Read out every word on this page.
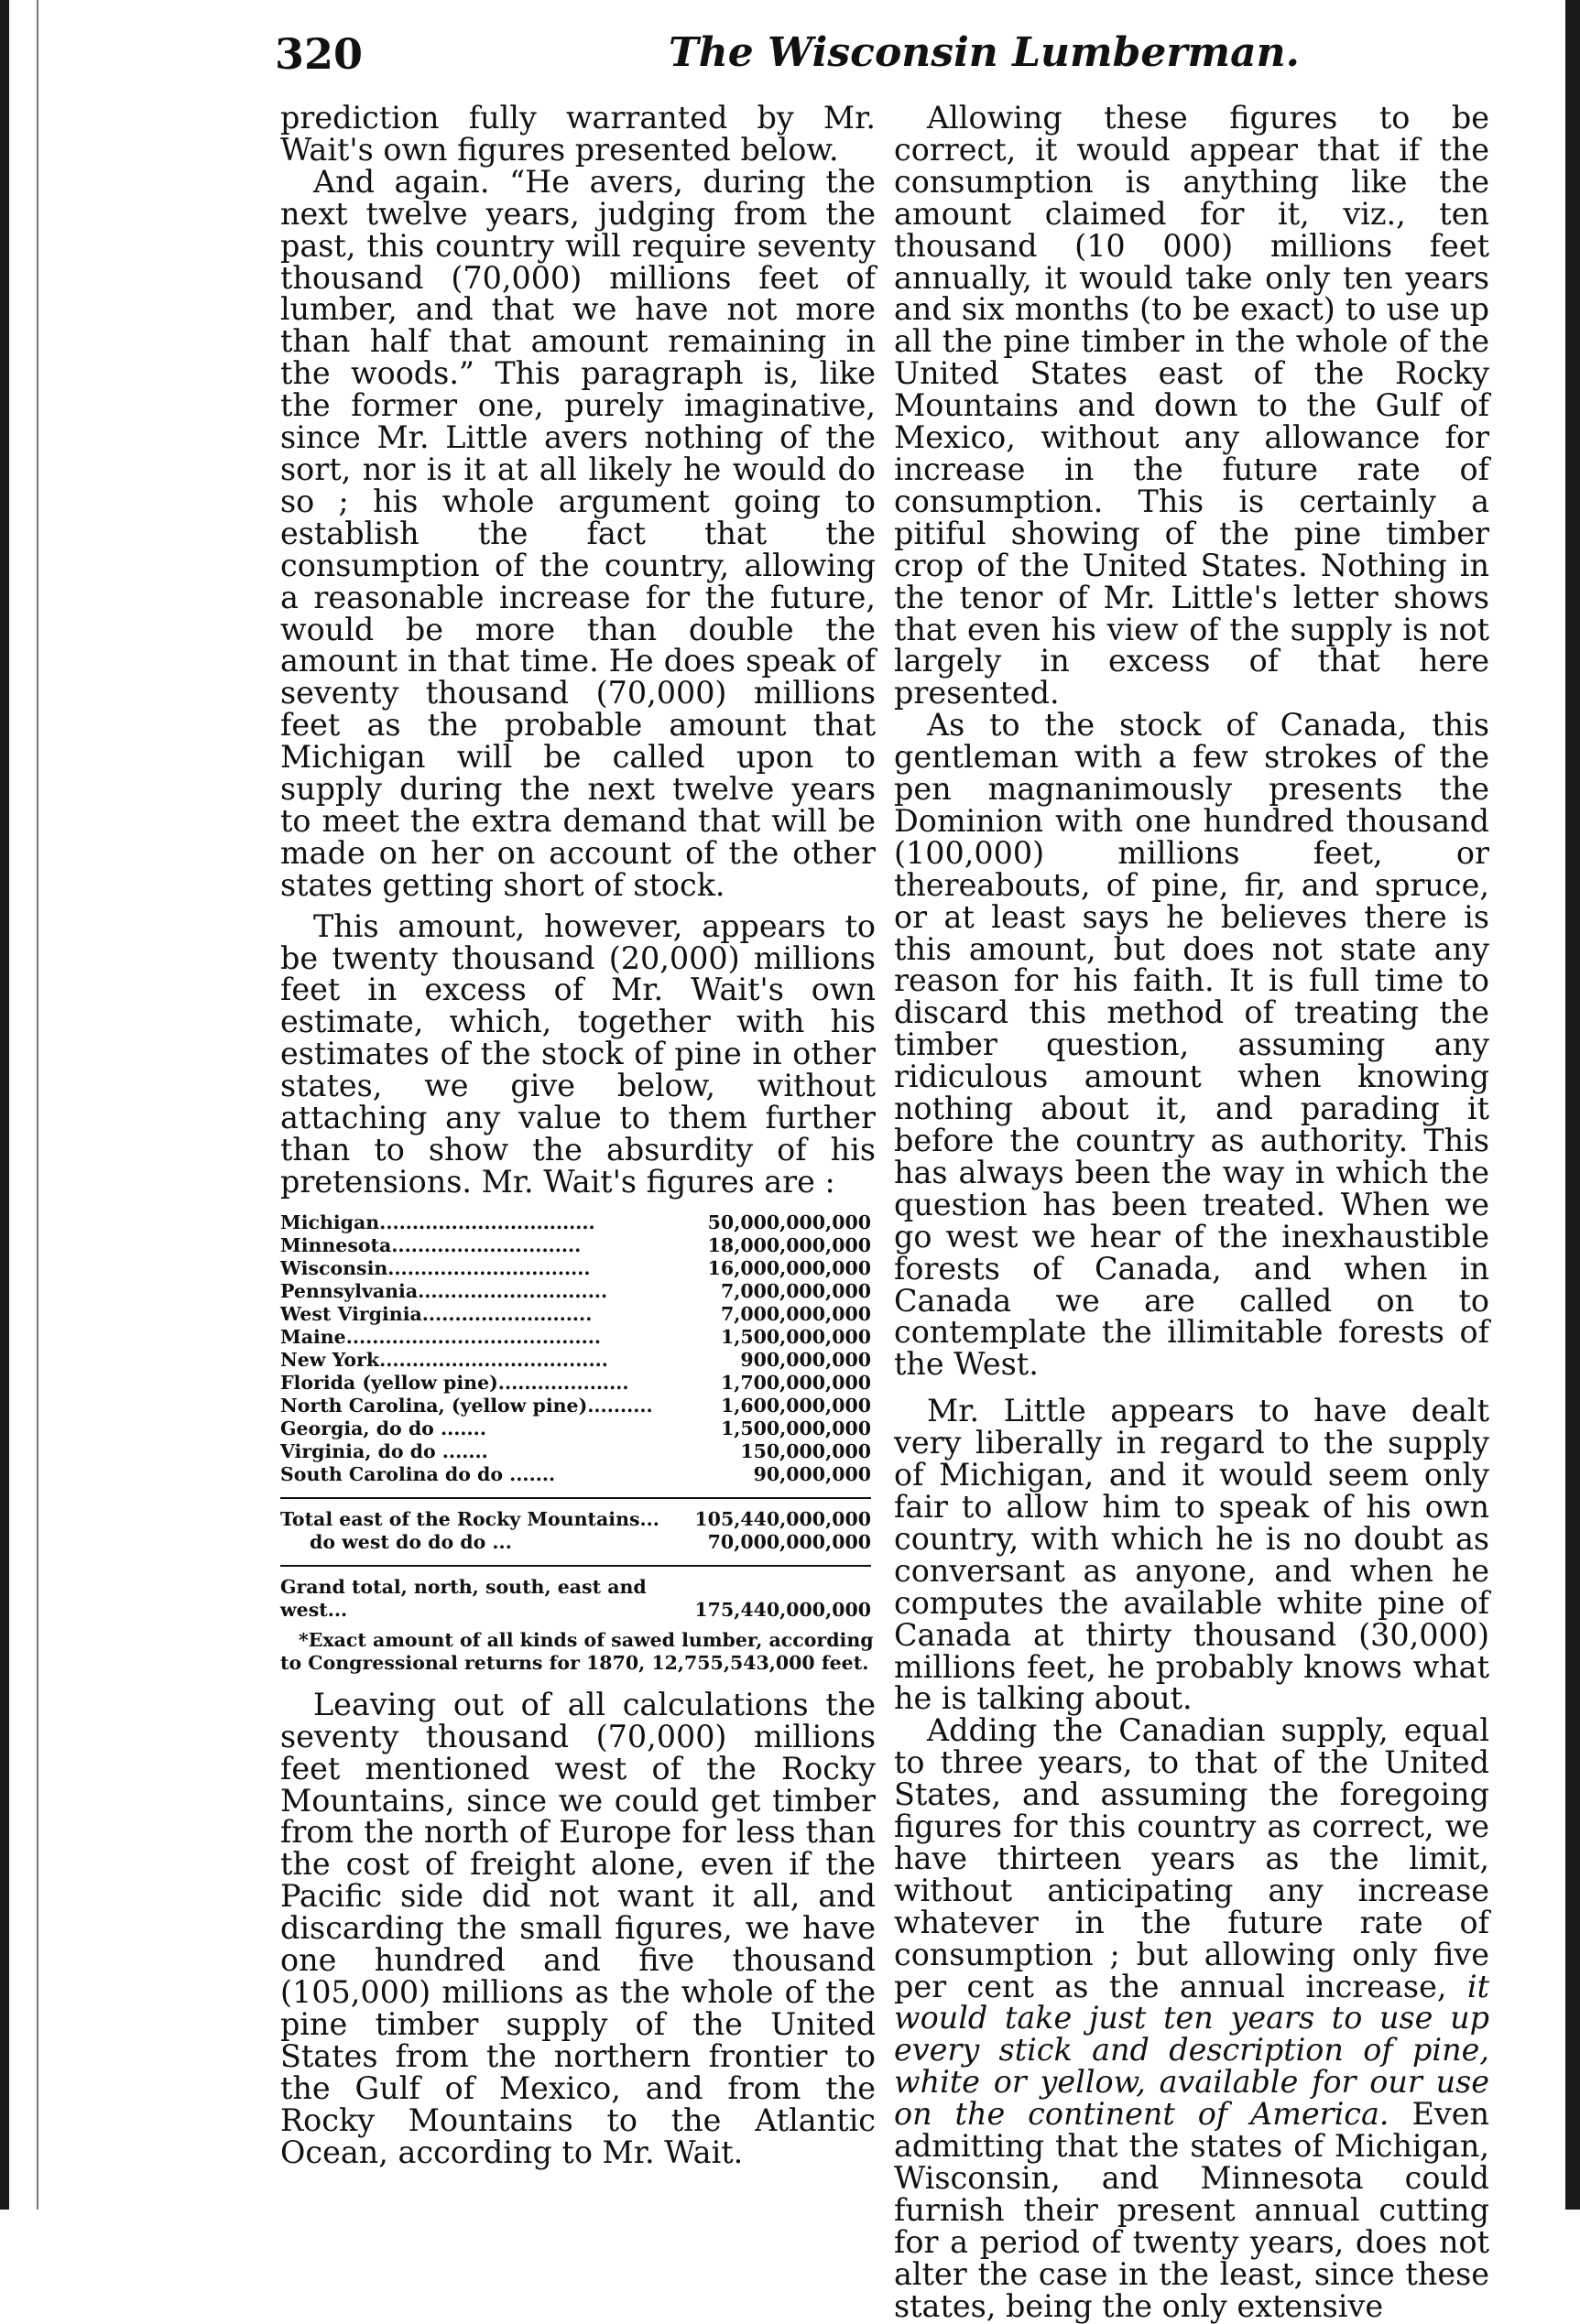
320	The Wisconsin Lumberman.

prediction fully warranted by Mr. Wait's own figures presented below.

And again. “He avers, during the next twelve years, judging from the past, this country will require seventy thousand (70,000) millions feet of lumber, and that we have not more than half that amount remaining in the woods.” This paragraph is, like the former one, purely imaginative, since Mr. Little avers nothing of the sort, nor is it at all likely he would do so ; his whole argument going to establish the fact that the consumption of the country, allowing a reasonable increase for the future, would be more than double the amount in that time. He does speak of seventy thousand (70,000) millions feet as the probable amount that Michigan will be called upon to supply during the next twelve years to meet the extra demand that will be made on her on account of the other states getting short of stock.

This amount, however, appears to be twenty thousand (20,000) millions feet in excess of Mr. Wait's own estimate, which, together with his estimates of the stock of pine in other states, we give below, without attaching any value to them further than to show the absurdity of his pretensions. Mr. Wait's figures are :

Michigan.................................	50,000,000,000
Minnesota.............................	18,000,000,000
Wisconsin...............................	16,000,000,000
Pennsylvania.............................	7,000,000,000
West Virginia..........................	7,000,000,000
Maine.......................................	1,500,000,000
New York...................................	900,000,000
Florida (yellow pine)....................	1,700,000,000
North Carolina, (yellow pine)..........	1,600,000,000
Georgia, do do .......	1,500,000,000
Virginia, do do .......	150,000,000
South Carolina do do .......	90,000,000
Total east of the Rocky Mountains...	105,440,000,000
do west do do do ...	70,000,000,000
Grand total, north, south, east and west...	175,440,000,000
*Exact amount of all kinds of sawed lumber, according to Congressional returns for 1870, 12,755,543,000 feet.

Leaving out of all calculations the seventy thousand (70,000) millions feet mentioned west of the Rocky Mountains, since we could get timber from the north of Europe for less than the cost of freight alone, even if the Pacific side did not want it all, and discarding the small figures, we have one hundred and five thousand (105,000) millions as the whole of the pine timber supply of the United States from the northern frontier to the Gulf of Mexico, and from the Rocky Mountains to the Atlantic Ocean, according to Mr. Wait.

Allowing these figures to be correct, it would appear that if the consumption is anything like the amount claimed for it, viz., ten thousand (10 000) millions feet annually, it would take only ten years and six months (to be exact) to use up all the pine timber in the whole of the United States east of the Rocky Mountains and down to the Gulf of Mexico, without any allowance for increase in the future rate of consumption. This is certainly a pitiful showing of the pine timber crop of the United States. Nothing in the tenor of Mr. Little's letter shows that even his view of the supply is not largely in excess of that here presented.

As to the stock of Canada, this gentleman with a few strokes of the pen magnanimously presents the Dominion with one hundred thousand (100,000) millions feet, or thereabouts, of pine, fir, and spruce, or at least says he believes there is this amount, but does not state any reason for his faith. It is full time to discard this method of treating the timber question, assuming any ridiculous amount when knowing nothing about it, and parading it before the country as authority. This has always been the way in which the question has been treated. When we go west we hear of the inexhaustible forests of Canada, and when in Canada we are called on to contemplate the illimitable forests of the West.

Mr. Little appears to have dealt very liberally in regard to the supply of Michigan, and it would seem only fair to allow him to speak of his own country, with which he is no doubt as conversant as anyone, and when he computes the available white pine of Canada at thirty thousand (30,000) millions feet, he probably knows what he is talking about.

Adding the Canadian supply, equal to three years, to that of the United States, and assuming the foregoing figures for this country as correct, we have thirteen years as the limit, without anticipating any increase whatever in the future rate of consumption ; but allowing only five per cent as the annual increase, it would take just ten years to use up every stick and description of pine, white or yellow, available for our use on the continent of America. Even admitting that the states of Michigan, Wisconsin, and Minnesota could furnish their present annual cutting for a period of twenty years, does not alter the case in the least, since these states, being the only extensive
